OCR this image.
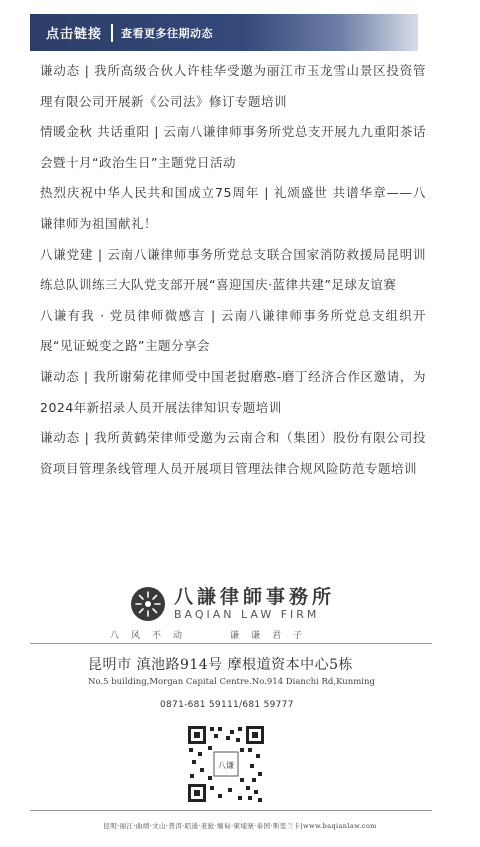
点击链接 查看更多往期动态
谦动态 | 我所高级合伙人许桂华受邀为丽江市玉龙雪山景区投资管理有限公司开展新《公司法》修订专题培训
情暖金秋 共话重阳 | 云南八谦律师事务所党总支开展九九重阳茶话会暨十月“政治生日”主题党日活动
热烈庆祝中华人民共和国成立75周年 | 礼颂盛世 共谱华章——八谦律师为祖国献礼！
八谦党建 | 云南八谦律师事务所党总支联合国家消防救援局昆明训练总队训练三大队党支部开展“喜迎国庆·蓝律共建”足球友谊赛
八谦有我 · 党员律师微感言 | 云南八谦律师事务所党总支组织开展“见证蜕变之路”主题分享会
谦动态 | 我所谢菊花律师受中国老挝磨憨-磨丁经济合作区邀请，为2024年新招录人员开展法律知识专题培训
谦动态 | 我所黄鹤荣律师受邀为云南合和（集团）股份有限公司投资项目管理条线管理人员开展项目管理法律合规风险防范专题培训
八謙律師事務所
BAQIAN LAW FIRM
八风不动	谦谦君子
昆明市 滇池路914号 摩根道资本中心5栋
No.5 building,Morgan Capital Centre.No.914 Dianchi Rd,Kunming
0871-681 59111/681 59777
八谦
昆明·丽江·曲靖·文山·普洱·昭通·老挝·缅甸·柬埔寨·泰国·斯里兰卡|www.baqianlaw.com
